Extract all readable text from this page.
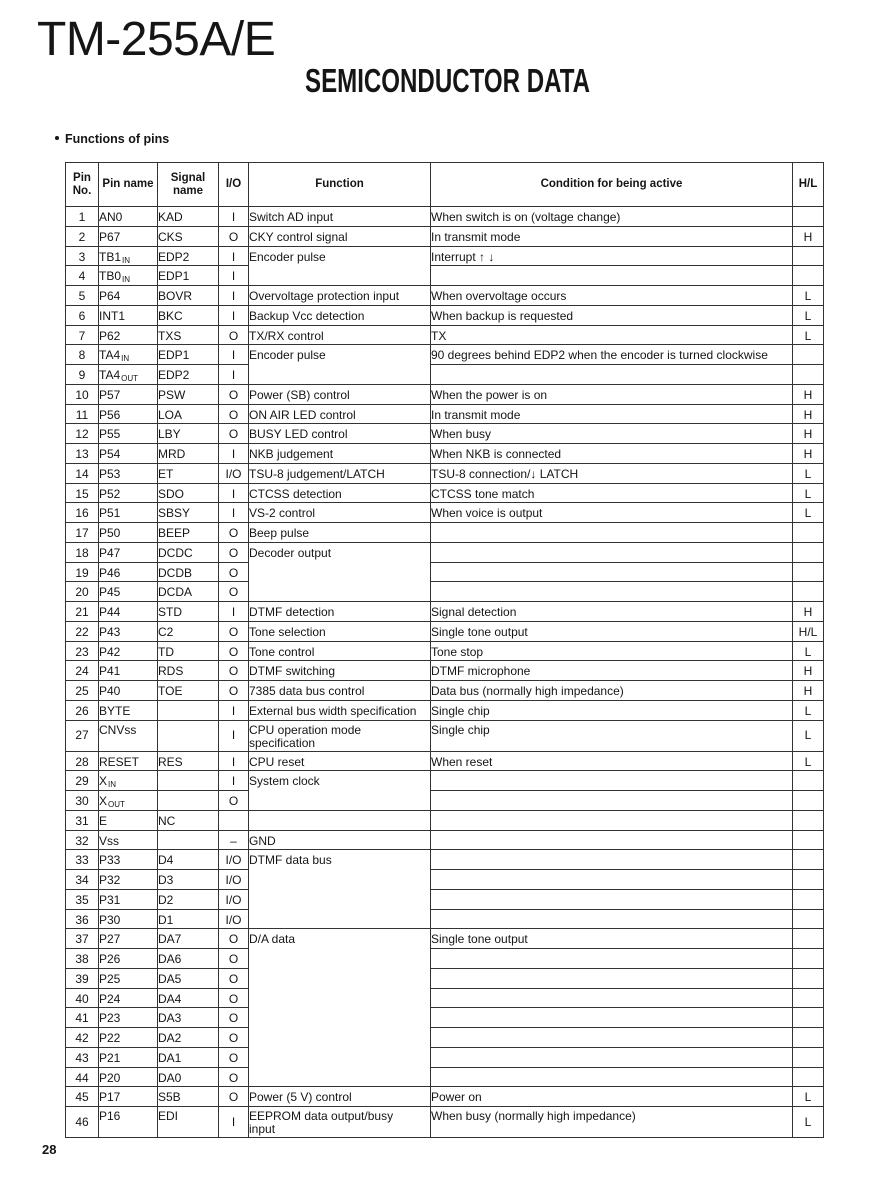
TM-255A/E
SEMICONDUCTOR DATA
Functions of pins
Pin No.	Pin name	Signal name	I/O	Function	Condition for being active	H/L
1	AN0	KAD	I	Switch AD input	When switch is on (voltage change)	
2	P67	CKS	O	CKY control signal	In transmit mode	H
3	$TB1_{IN}$	EDP2	I	Encoder pulse	Interrupt ↑ ↓	
4	$TB0_{IN}$	EDP1	I			
5	P64	BOVR	I	Overvoltage protection input	When overvoltage occurs	L
6	INT1	BKC	I	Backup Vcc detection	When backup is requested	L
7	P62	TXS	O	TX/RX control	TX	L
8	$TA4_{IN}$	EDP1	I	Encoder pulse	90 degrees behind EDP2 when the encoder is turned clockwise	
9	$TA4_{OUT}$	EDP2	I			
10	P57	PSW	O	Power (SB) control	When the power is on	H
11	P56	LOA	O	ON AIR LED control	In transmit mode	H
12	P55	LBY	O	BUSY LED control	When busy	H
13	P54	MRD	I	NKB judgement	When NKB is connected	H
14	P53	ET	I/O	TSU-8 judgement/LATCH	TSU-8 connection/↓ LATCH	L
15	P52	SDO	I	CTCSS detection	CTCSS tone match	L
16	P51	SBSY	I	VS-2 control	When voice is output	L
17	P50	BEEP	O	Beep pulse		
18	P47	DCDC	O	Decoder output		
19	P46	DCDB	O			
20	P45	DCDA	O			
21	P44	STD	I	DTMF detection	Signal detection	H
22	P43	C2	O	Tone selection	Single tone output	H/L
23	P42	TD	O	Tone control	Tone stop	L
24	P41	RDS	O	DTMF switching	DTMF microphone	H
25	P40	TOE	O	7385 data bus control	Data bus (normally high impedance)	H
26	BYTE		I	External bus width specification	Single chip	L
27	CNVss		I	CPU operation mode specification	Single chip	L
28	RESET	RES	I	CPU reset	When reset	L
29	$X_{IN}$		I	System clock		
30	$X_{OUT}$		O			
31	E	NC				
32	Vss		–	GND		
33	P33	D4	I/O	DTMF data bus		
34	P32	D3	I/O			
35	P31	D2	I/O			
36	P30	D1	I/O			
37	P27	DA7	O	D/A data	Single tone output	
38	P26	DA6	O			
39	P25	DA5	O			
40	P24	DA4	O			
41	P23	DA3	O			
42	P22	DA2	O			
43	P21	DA1	O			
44	P20	DA0	O			
45	P17	S5B	O	Power (5 V) control	Power on	L
46	P16	EDI	I	EEPROM data output/busy input	When busy (normally high impedance)	L
28
